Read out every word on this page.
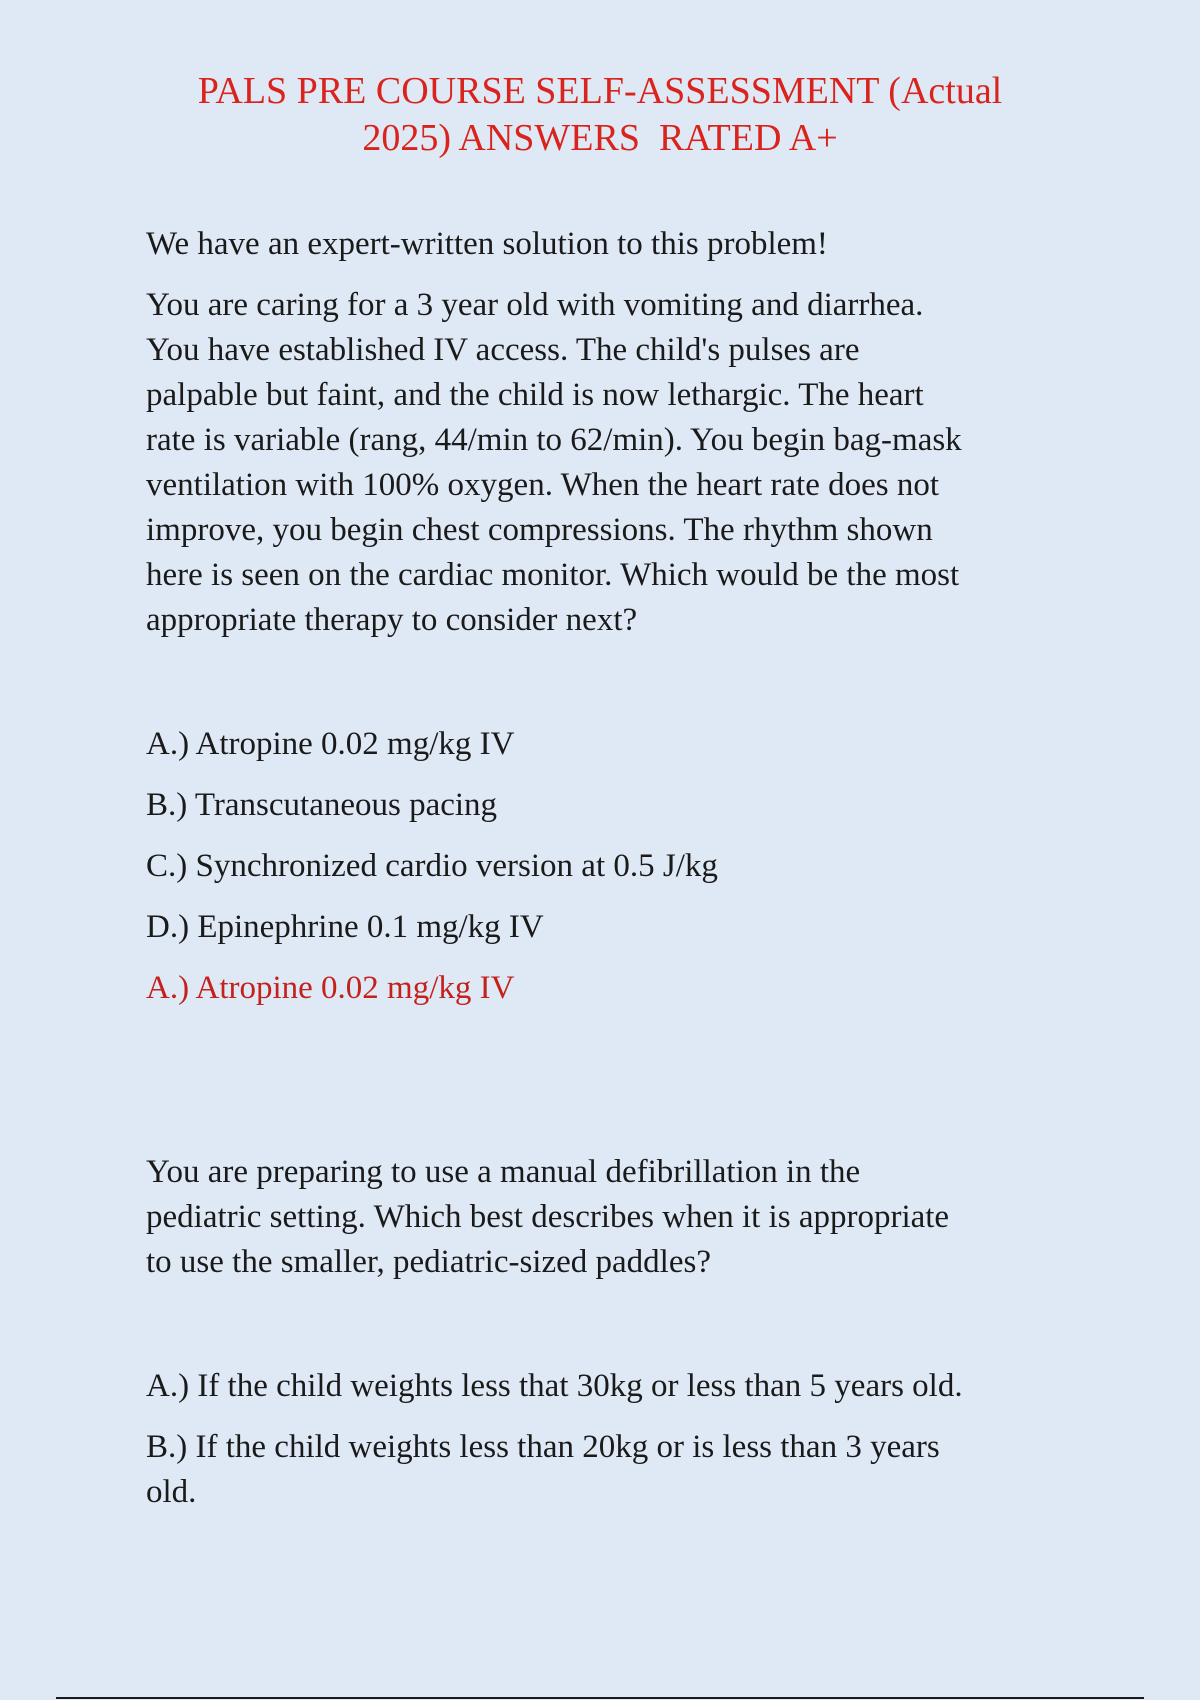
PALS PRE COURSE SELF-ASSESSMENT (Actual
2025) ANSWERS  RATED A+
We have an expert-written solution to this problem!
You are caring for a 3 year old with vomiting and diarrhea.
You have established IV access. The child's pulses are
palpable but faint, and the child is now lethargic. The heart
rate is variable (rang, 44/min to 62/min). You begin bag-mask
ventilation with 100% oxygen. When the heart rate does not
improve, you begin chest compressions. The rhythm shown
here is seen on the cardiac monitor. Which would be the most
appropriate therapy to consider next?
A.) Atropine 0.02 mg/kg IV
B.) Transcutaneous pacing
C.) Synchronized cardio version at 0.5 J/kg
D.) Epinephrine 0.1 mg/kg IV
A.) Atropine 0.02 mg/kg IV
You are preparing to use a manual defibrillation in the
pediatric setting. Which best describes when it is appropriate
to use the smaller, pediatric-sized paddles?
A.) If the child weights less that 30kg or less than 5 years old.
B.) If the child weights less than 20kg or is less than 3 years
old.
